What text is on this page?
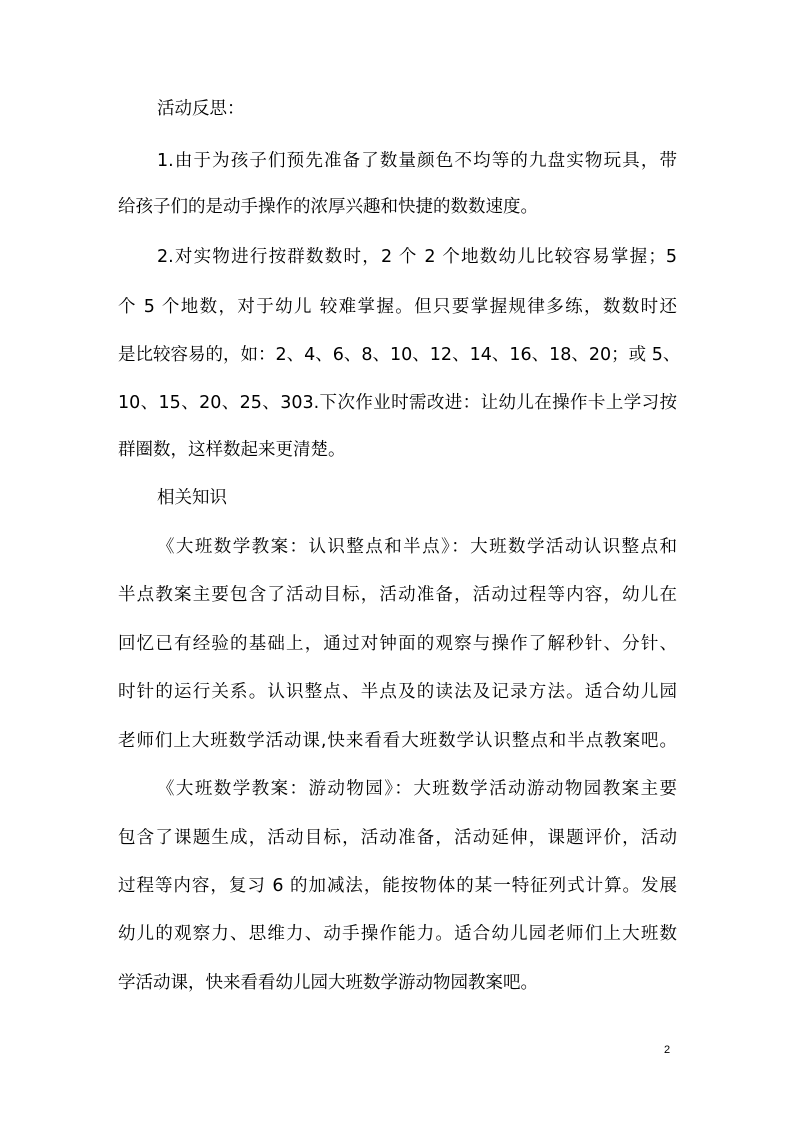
活动反思：
1.由于为孩子们预先准备了数量颜色不均等的九盘实物玩具，带
给孩子们的是动手操作的浓厚兴趣和快捷的数数速度。
2.对实物进行按群数数时，2 个 2 个地数幼儿比较容易掌握；5
个 5 个地数，对于幼儿 较难掌握。但只要掌握规律多练，数数时还
是比较容易的，如：2、4、6、8、10、12、14、16、18、20；或 5、
10、15、20、25、303.下次作业时需改进：让幼儿在操作卡上学习按
群圈数，这样数起来更清楚。
相关知识
《大班数学教案：认识整点和半点》：大班数学活动认识整点和
半点教案主要包含了活动目标，活动准备，活动过程等内容，幼儿在
回忆已有经验的基础上，通过对钟面的观察与操作了解秒针、分针、
时针的运行关系。认识整点、半点及的读法及记录方法。适合幼儿园
老师们上大班数学活动课,快来看看大班数学认识整点和半点教案吧。
《大班数学教案：游动物园》：大班数学活动游动物园教案主要
包含了课题生成，活动目标，活动准备，活动延伸，课题评价，活动
过程等内容，复习 6 的加减法，能按物体的某一特征列式计算。发展
幼儿的观察力、思维力、动手操作能力。适合幼儿园老师们上大班数
学活动课，快来看看幼儿园大班数学游动物园教案吧。
2
